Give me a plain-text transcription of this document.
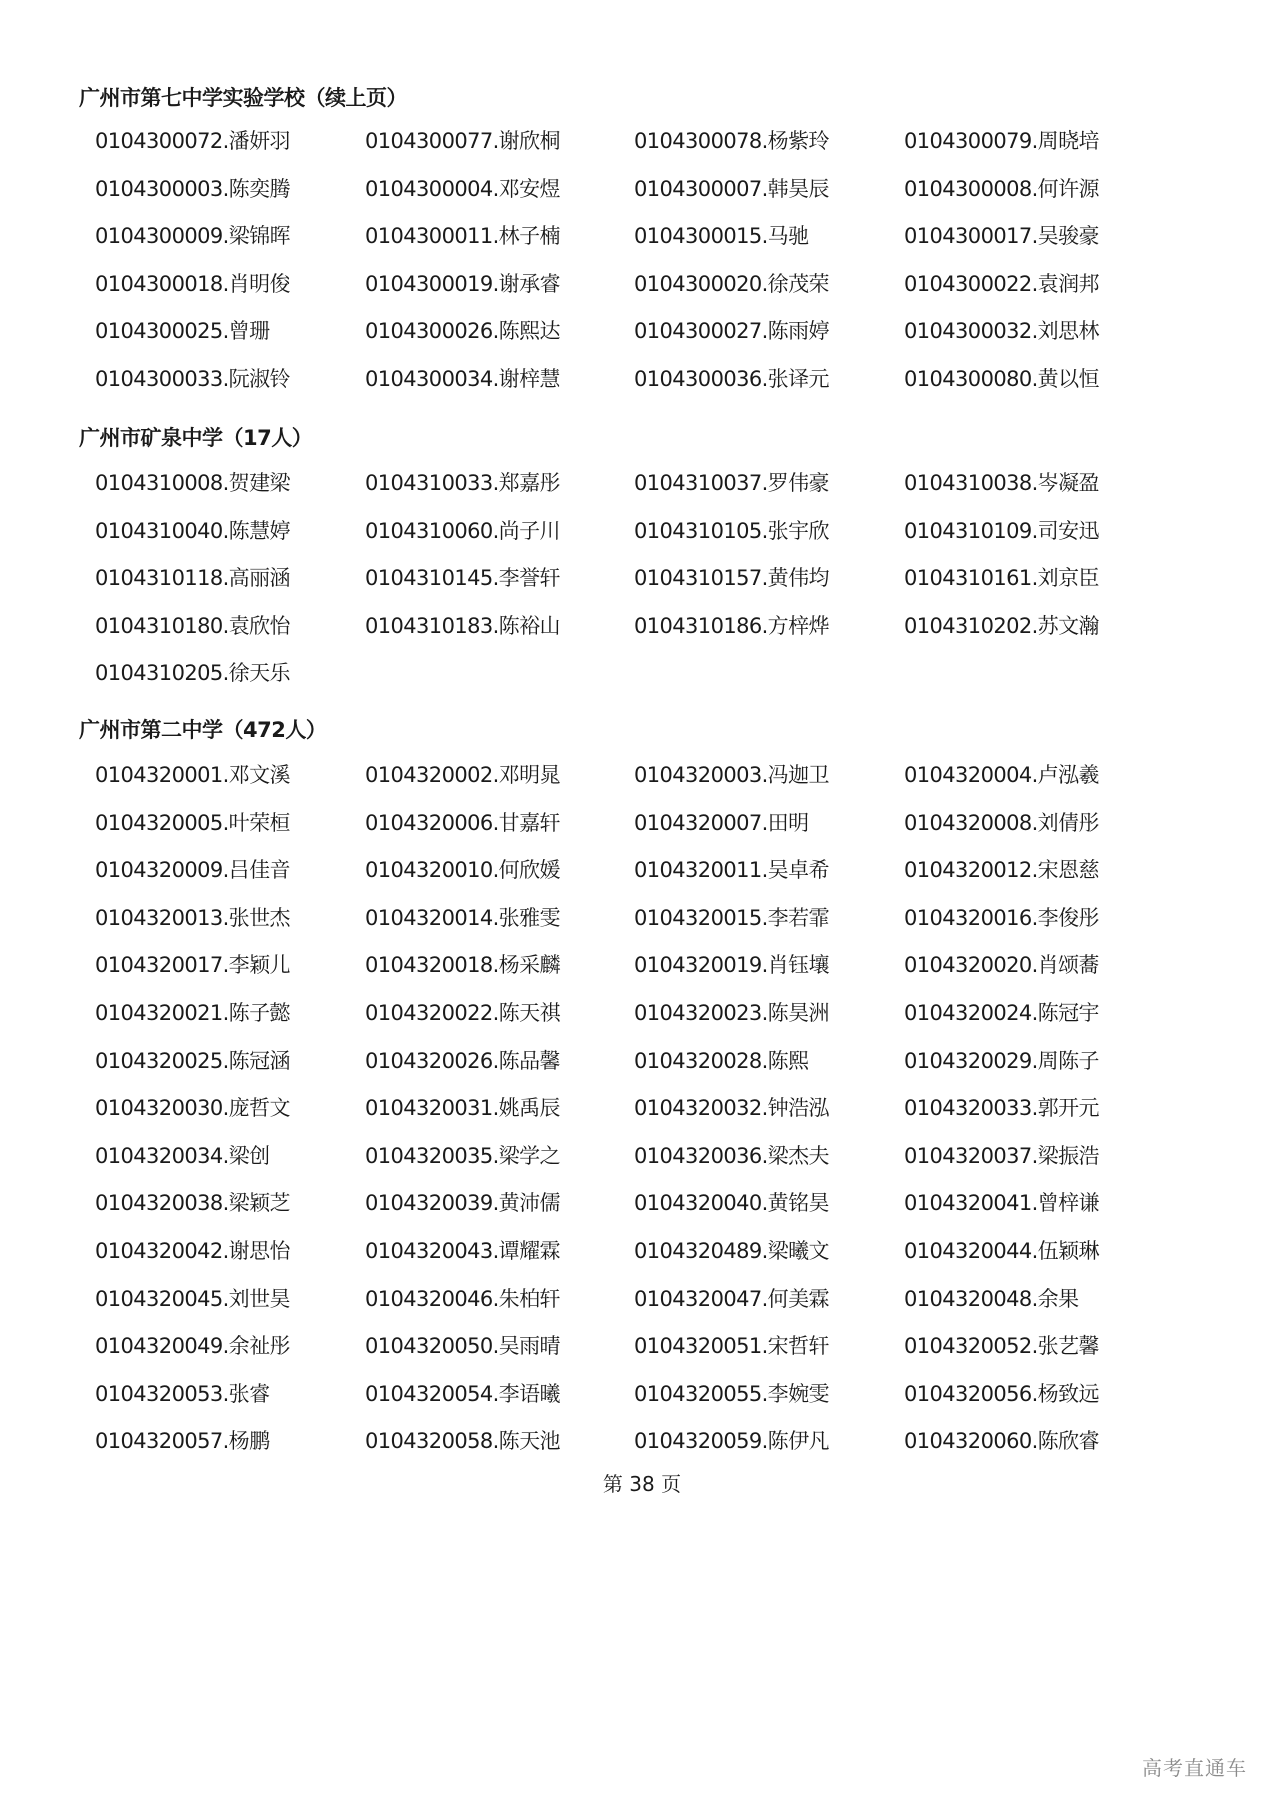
广州市第七中学实验学校（续上页）
0104300072.潘妍羽	0104300077.谢欣桐	0104300078.杨紫玲	0104300079.周晓培
0104300003.陈奕腾	0104300004.邓安煜	0104300007.韩昊辰	0104300008.何许源
0104300009.梁锦晖	0104300011.林子楠	0104300015.马驰	0104300017.吴骏豪
0104300018.肖明俊	0104300019.谢承睿	0104300020.徐茂荣	0104300022.袁润邦
0104300025.曾珊	0104300026.陈熙达	0104300027.陈雨婷	0104300032.刘思林
0104300033.阮淑铃	0104300034.谢梓慧	0104300036.张译元	0104300080.黄以恒
广州市矿泉中学（17人）
0104310008.贺建梁	0104310033.郑嘉彤	0104310037.罗伟豪	0104310038.岑凝盈
0104310040.陈慧婷	0104310060.尚子川	0104310105.张宇欣	0104310109.司安迅
0104310118.高丽涵	0104310145.李誉轩	0104310157.黄伟均	0104310161.刘京臣
0104310180.袁欣怡	0104310183.陈裕山	0104310186.方梓烨	0104310202.苏文瀚
0104310205.徐天乐
广州市第二中学（472人）
0104320001.邓文溪	0104320002.邓明晁	0104320003.冯迦卫	0104320004.卢泓羲
0104320005.叶荣桓	0104320006.甘嘉轩	0104320007.田明	0104320008.刘倩彤
0104320009.吕佳音	0104320010.何欣媛	0104320011.吴卓希	0104320012.宋恩慈
0104320013.张世杰	0104320014.张雅雯	0104320015.李若霏	0104320016.李俊彤
0104320017.李颖儿	0104320018.杨采麟	0104320019.肖钰壤	0104320020.肖颂蕎
0104320021.陈子懿	0104320022.陈天祺	0104320023.陈昊洲	0104320024.陈冠宇
0104320025.陈冠涵	0104320026.陈品馨	0104320028.陈熙	0104320029.周陈子
0104320030.庞哲文	0104320031.姚禹辰	0104320032.钟浩泓	0104320033.郭开元
0104320034.梁创	0104320035.梁学之	0104320036.梁杰夫	0104320037.梁振浩
0104320038.梁颖芝	0104320039.黄沛儒	0104320040.黄铭昊	0104320041.曾梓谦
0104320042.谢思怡	0104320043.谭耀霖	0104320489.梁曦文	0104320044.伍颖琳
0104320045.刘世昊	0104320046.朱柏轩	0104320047.何美霖	0104320048.余果
0104320049.余祉彤	0104320050.吴雨晴	0104320051.宋哲轩	0104320052.张艺馨
0104320053.张睿	0104320054.李语曦	0104320055.李婉雯	0104320056.杨致远
0104320057.杨鹏	0104320058.陈天池	0104320059.陈伊凡	0104320060.陈欣睿
第 38 页
高考直通车
